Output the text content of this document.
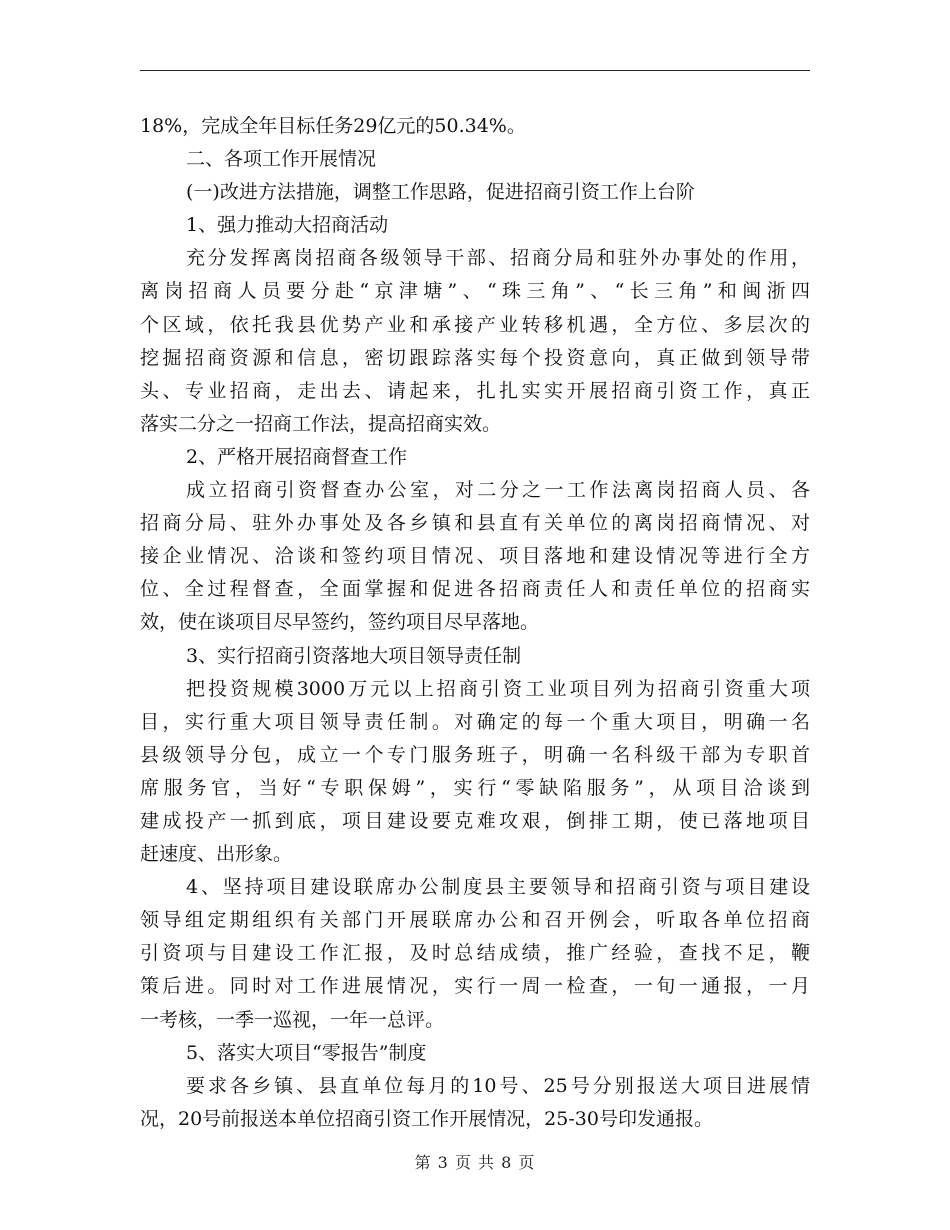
18%，完成全年目标任务29亿元的50.34%。
二、各项工作开展情况
(一)改进方法措施，调整工作思路，促进招商引资工作上台阶
1、强力推动大招商活动
充分发挥离岗招商各级领导干部、招商分局和驻外办事处的作用，
离岗招商人员要分赴“京津塘”、“珠三角”、“长三角”和闽浙四
个区域，依托我县优势产业和承接产业转移机遇，全方位、多层次的
挖掘招商资源和信息，密切跟踪落实每个投资意向，真正做到领导带
头、专业招商，走出去、请起来，扎扎实实开展招商引资工作，真正
落实二分之一招商工作法，提高招商实效。
2、严格开展招商督查工作
成立招商引资督查办公室，对二分之一工作法离岗招商人员、各
招商分局、驻外办事处及各乡镇和县直有关单位的离岗招商情况、对
接企业情况、洽谈和签约项目情况、项目落地和建设情况等进行全方
位、全过程督查，全面掌握和促进各招商责任人和责任单位的招商实
效，使在谈项目尽早签约，签约项目尽早落地。
3、实行招商引资落地大项目领导责任制
把投资规模3000万元以上招商引资工业项目列为招商引资重大项
目，实行重大项目领导责任制。对确定的每一个重大项目，明确一名
县级领导分包，成立一个专门服务班子，明确一名科级干部为专职首
席服务官，当好“专职保姆”，实行“零缺陷服务”，从项目洽谈到
建成投产一抓到底，项目建设要克难攻艰，倒排工期，使已落地项目
赶速度、出形象。
4、坚持项目建设联席办公制度县主要领导和招商引资与项目建设
领导组定期组织有关部门开展联席办公和召开例会，听取各单位招商
引资项与目建设工作汇报，及时总结成绩，推广经验，查找不足，鞭
策后进。同时对工作进展情况，实行一周一检查，一旬一通报，一月
一考核，一季一巡视，一年一总评。
5、落实大项目“零报告”制度
要求各乡镇、县直单位每月的10号、25号分别报送大项目进展情
况，20号前报送本单位招商引资工作开展情况，25-30号印发通报。
第 3 页 共 8 页
